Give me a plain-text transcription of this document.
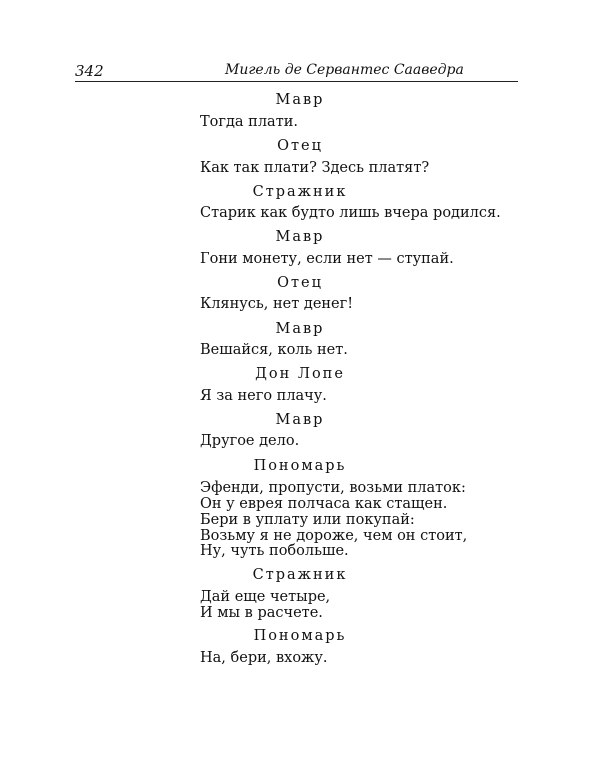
342	Мигель де Сервантес Сааведра
Мавр
Тогда плати.
Отец
Как так плати? Здесь платят?
Стражник
Старик как будто лишь вчера родился.
Мавр
Гони монету, если нет — ступай.
Отец
Клянусь, нет денег!
Мавр
Вешайся, коль нет.
Дон Лопе
Я за него плачу.
Мавр
Другое дело.
Пономарь
Эфенди, пропусти, возьми платок:
Он у еврея полчаса как стащен.
Бери в уплату или покупай:
Возьму я не дороже, чем он стоит,
Ну, чуть побольше.
Стражник
Дай еще четыре,
И мы в расчете.
Пономарь
На, бери, вхожу.
